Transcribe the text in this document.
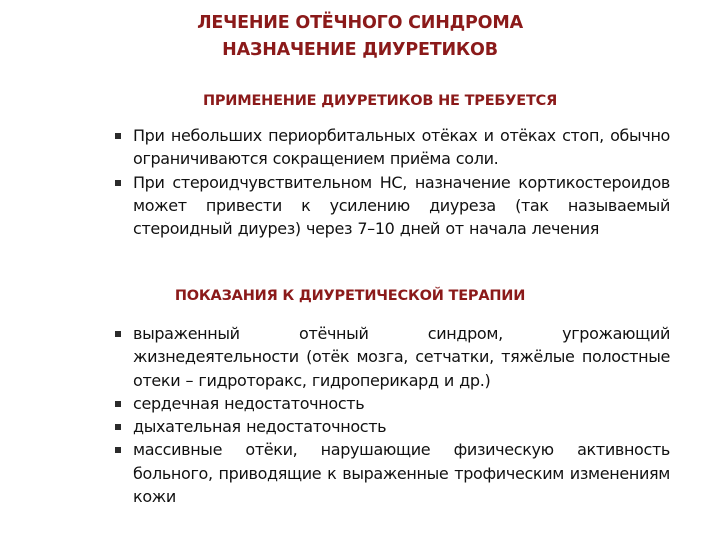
ЛЕЧЕНИЕ ОТЁЧНОГО СИНДРОМА
НАЗНАЧЕНИЕ ДИУРЕТИКОВ
ПРИМЕНЕНИЕ ДИУРЕТИКОВ НЕ ТРЕБУЕТСЯ
При небольших периорбитальных отёках и отёках стоп, обычно ограничиваются сокращением приёма соли.
При стероидчувствительном НС, назначение кортикостероидов может привести к усилению диуреза (так называемый стероидный диурез) через 7–10 дней от начала лечения
ПОКАЗАНИЯ К ДИУРЕТИЧЕСКОЙ ТЕРАПИИ
выраженный отёчный синдром, угрожающий жизнедеятельности (отёк мозга, сетчатки, тяжёлые полостные отеки – гидроторакс, гидроперикард и др.)
сердечная недостаточность
дыхательная недостаточность
массивные отёки, нарушающие физическую активность больного, приводящие к выраженные трофическим изменениям кожи
